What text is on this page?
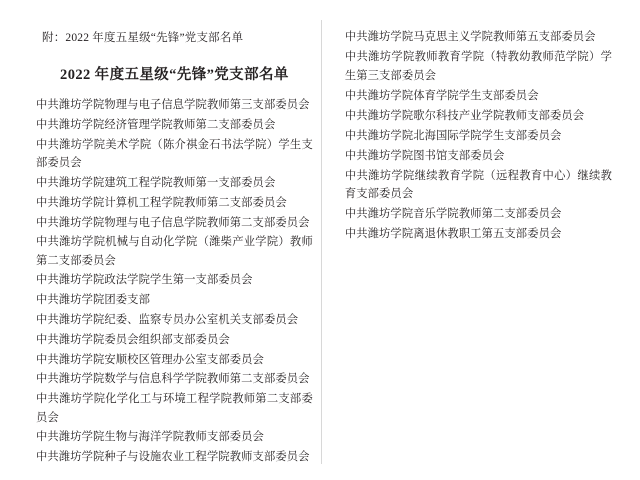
附：2022 年度五星级“先锋”党支部名单
2022 年度五星级“先锋”党支部名单
中共潍坊学院物理与电子信息学院教师第三支部委员会
中共潍坊学院经济管理学院教师第二支部委员会
中共潍坊学院美术学院（陈介祺金石书法学院）学生支部委员会
中共潍坊学院建筑工程学院教师第一支部委员会
中共潍坊学院计算机工程学院教师第二支部委员会
中共潍坊学院物理与电子信息学院教师第二支部委员会
中共潍坊学院机械与自动化学院（潍柴产业学院）教师第二支部委员会
中共潍坊学院政法学院学生第一支部委员会
中共潍坊学院团委支部
中共潍坊学院纪委、监察专员办公室机关支部委员会
中共潍坊学院委员会组织部支部委员会
中共潍坊学院安顺校区管理办公室支部委员会
中共潍坊学院数学与信息科学学院教师第二支部委员会
中共潍坊学院化学化工与环境工程学院教师第二支部委员会
中共潍坊学院生物与海洋学院教师支部委员会
中共潍坊学院种子与设施农业工程学院教师支部委员会
中共潍坊学院马克思主义学院教师第五支部委员会
中共潍坊学院教师教育学院（特教幼教师范学院）学生第三支部委员会
中共潍坊学院体育学院学生支部委员会
中共潍坊学院歌尔科技产业学院教师支部委员会
中共潍坊学院北海国际学院学生支部委员会
中共潍坊学院图书馆支部委员会
中共潍坊学院继续教育学院（远程教育中心）继续教育支部委员会
中共潍坊学院音乐学院教师第二支部委员会
中共潍坊学院离退休教职工第五支部委员会
